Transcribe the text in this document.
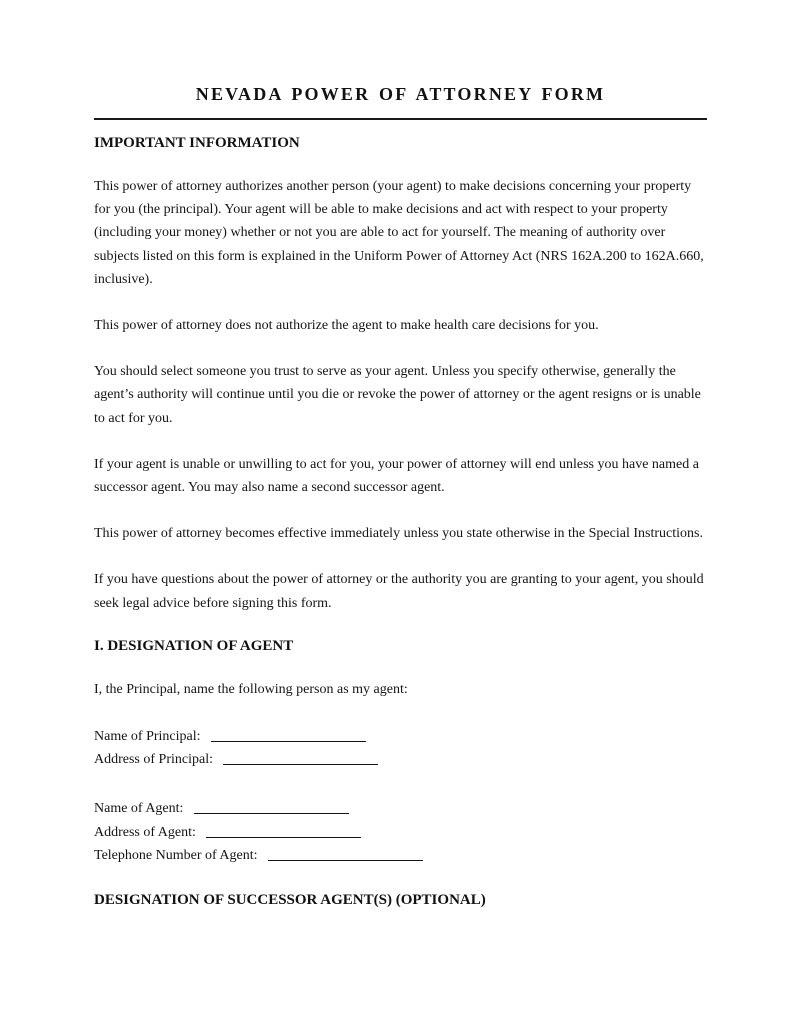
NEVADA POWER OF ATTORNEY FORM
IMPORTANT INFORMATION

This power of attorney authorizes another person (your agent) to make decisions concerning your property for you (the principal). Your agent will be able to make decisions and act with respect to your property (including your money) whether or not you are able to act for yourself. The meaning of authority over subjects listed on this form is explained in the Uniform Power of Attorney Act (NRS 162A.200 to 162A.660, inclusive).

This power of attorney does not authorize the agent to make health care decisions for you.

You should select someone you trust to serve as your agent. Unless you specify otherwise, generally the agent’s authority will continue until you die or revoke the power of attorney or the agent resigns or is unable to act for you.

If your agent is unable or unwilling to act for you, your power of attorney will end unless you have named a successor agent. You may also name a second successor agent.

This power of attorney becomes effective immediately unless you state otherwise in the Special Instructions.

If you have questions about the power of attorney or the authority you are granting to your agent, you should seek legal advice before signing this form.

I. DESIGNATION OF AGENT

I, the Principal, name the following person as my agent:

Name of Principal:
Address of Principal:
Name of Agent:
Address of Agent:
Telephone Number of Agent:
DESIGNATION OF SUCCESSOR AGENT(S) (OPTIONAL)
